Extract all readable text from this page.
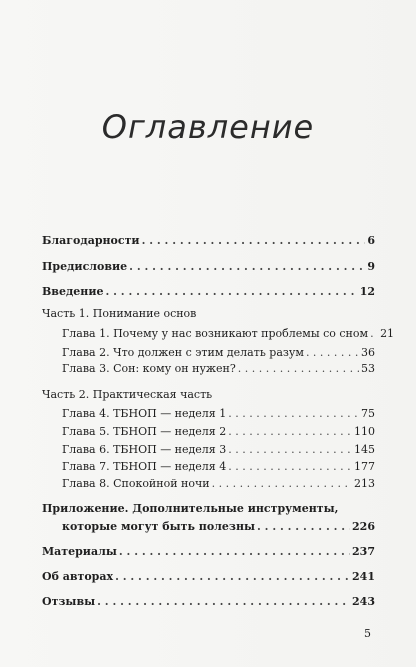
Оглавление
Благодарности . . .	6
Предисловие . . .	9
Введение . . .	12
Часть 1. Понимание основ
Глава 1. Почему у нас возникают проблемы со сном . . . 21
Глава 2. Что должен с этим делать разум . . .	36
Глава 3. Сон: кому он нужен? . . .	53
Часть 2. Практическая часть
Глава 4. ТБНОП — неделя 1 . . .	75
Глава 5. ТБНОП — неделя 2 . . .	110
Глава 6. ТБНОП — неделя 3 . . .	145
Глава 7. ТБНОП — неделя 4 . . .	177
Глава 8. Спокойной ночи . . .	213
Приложение. Дополнительные инструменты,
которые могут быть полезны . . .	226
Материалы . . .	237
Об авторах . . .	241
Отзывы . . .	243
5
